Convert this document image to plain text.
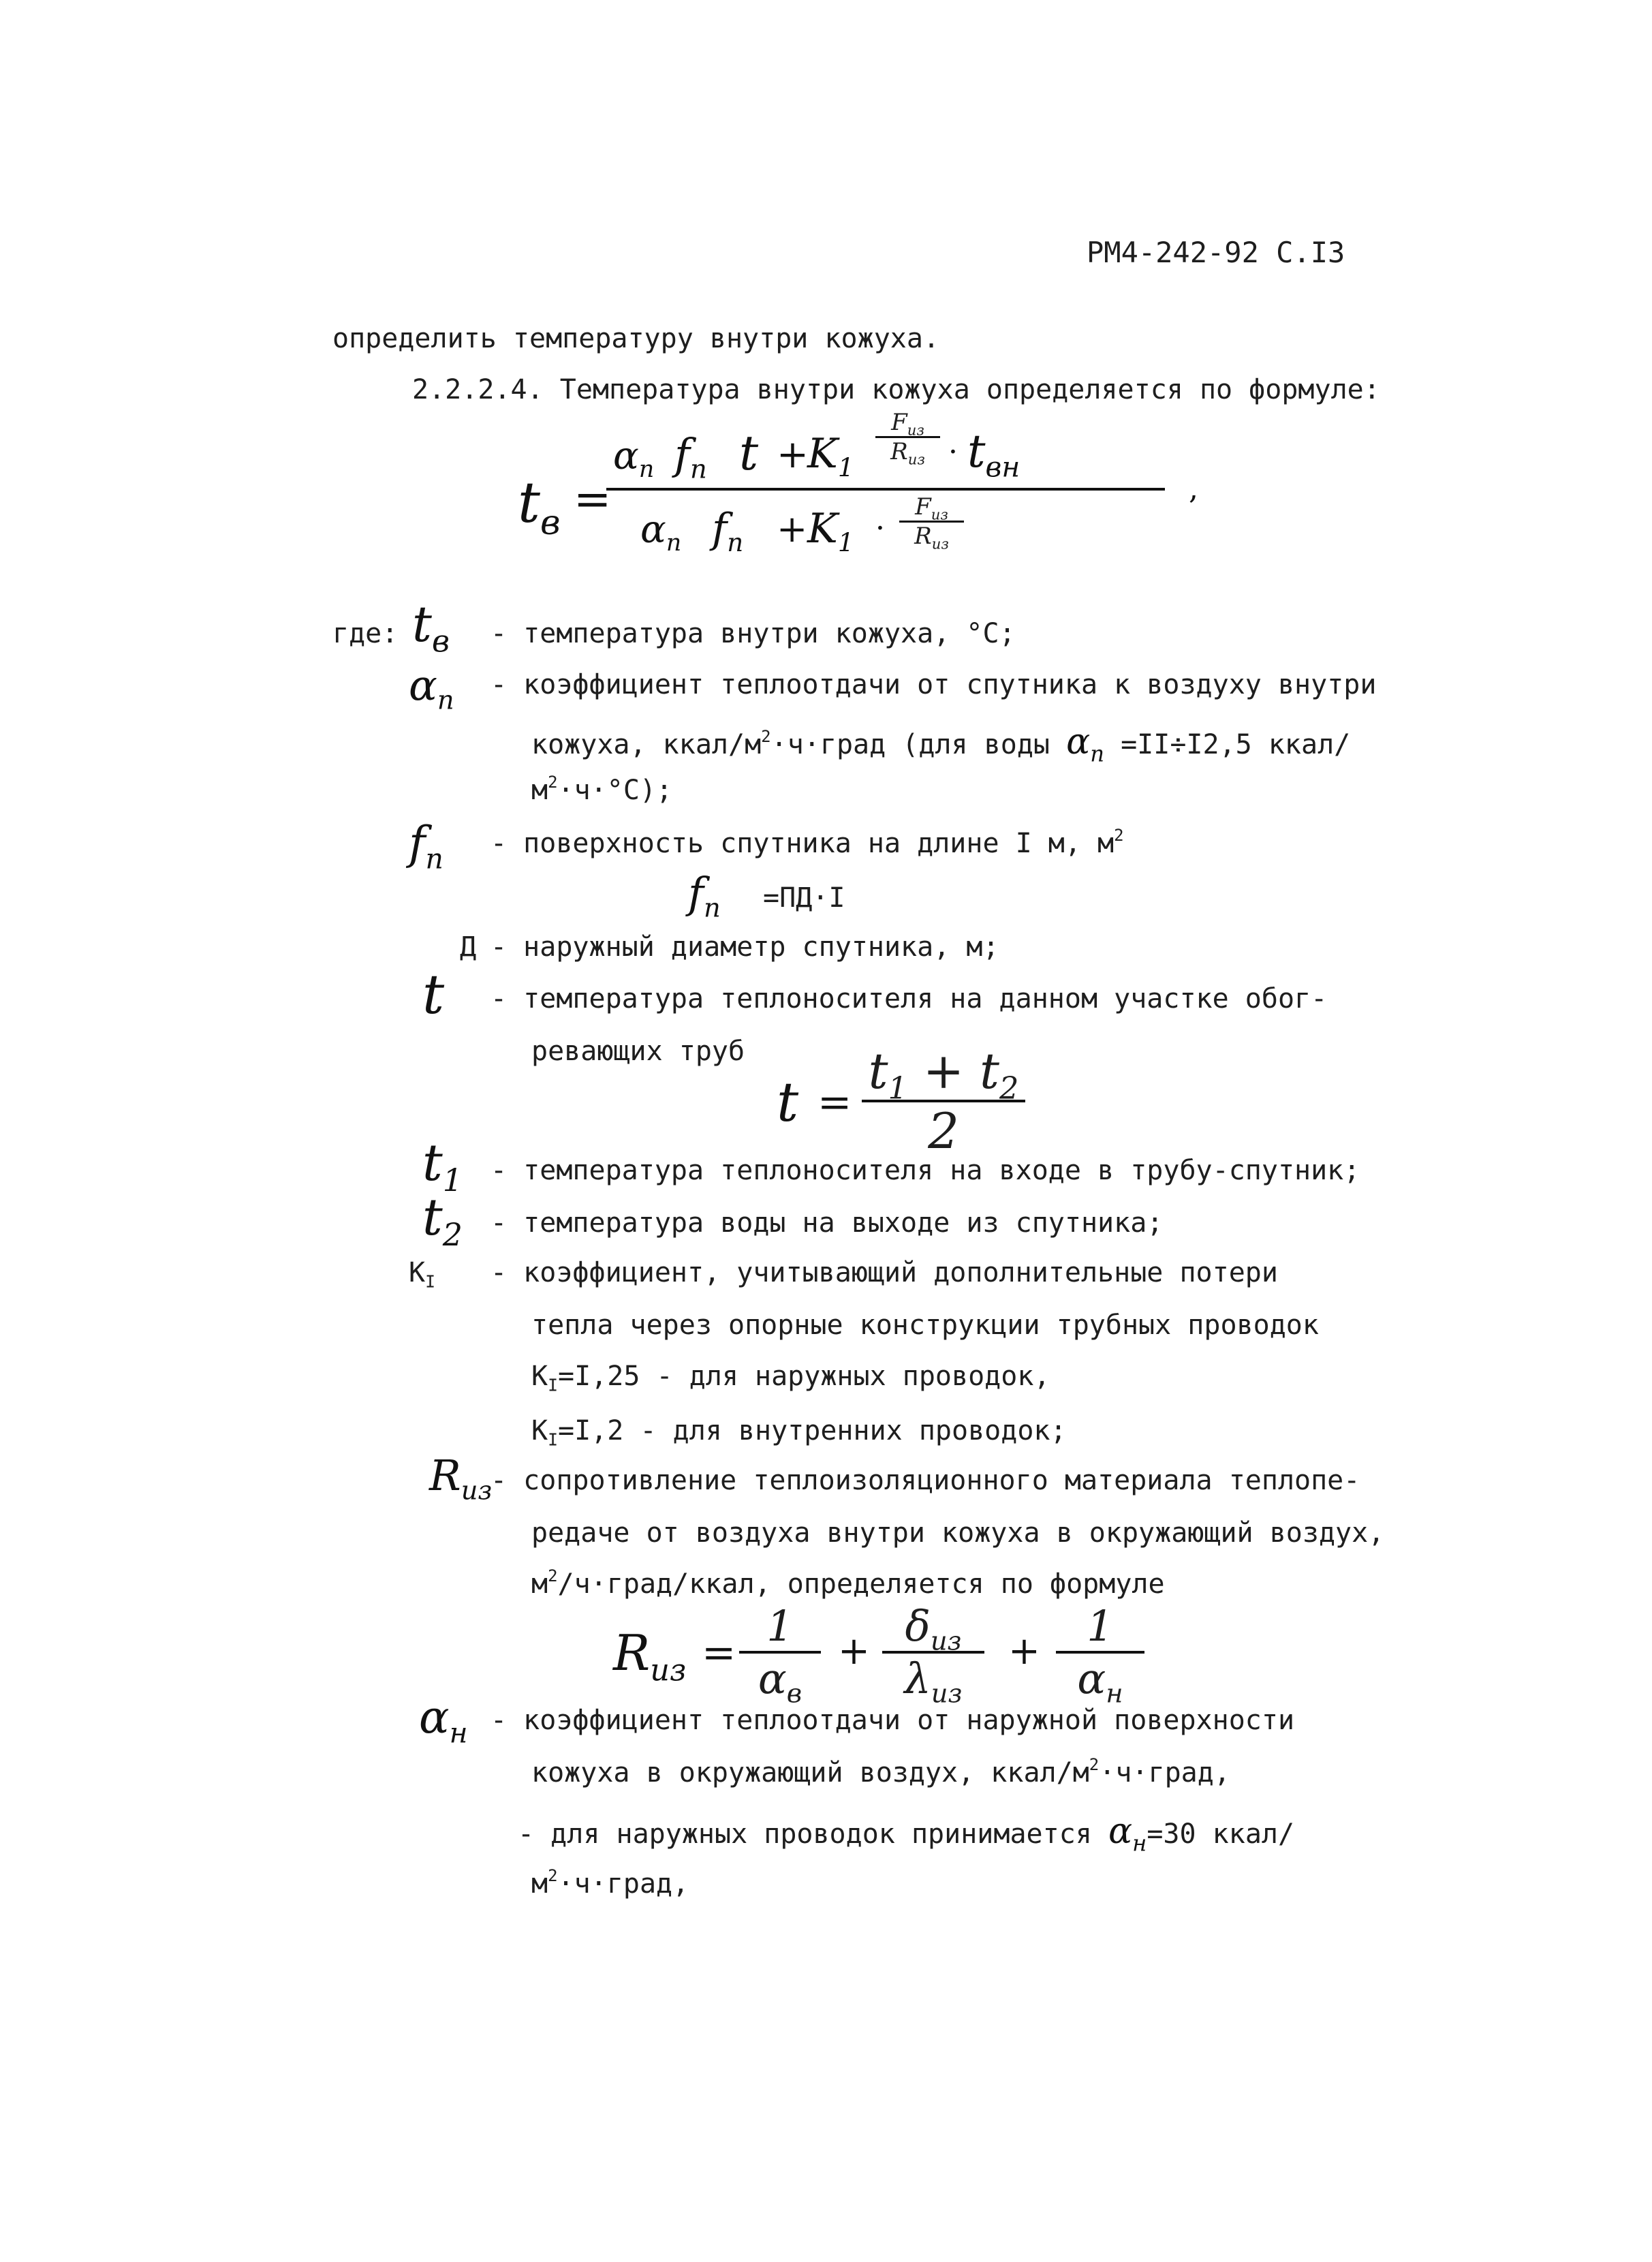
РМ4-242-92 С.I3
определить температуру внутри кожуха.
2.2.2.4. Температура внутри кожуха определяется по формуле:
$t_в$ =
$\alpha_п$ $f_п$ t +
$K_1$
$F_{из}$
$R_{из} \cdot t_{вн}$
,
$\alpha_п$ $f_п + K_1$ ·
$F_{из}$
$R_{из}$
где: $t_в$ - температура внутри кожуха, °С;
$\alpha_п$ - коэффициент теплоотдачи от спутника к воздуху внутри
кожуха, ккал/$м^2\cdot ч\cdot град$ (для воды $\alpha_п =II\div I2,5$ ккал/
$м^2\cdot ч\cdot^\circ С$);
$f_п$ - поверхность спутника на длине I м, $м^2$
$f_п =ПД\cdot I$
Д - наружный диаметр спутника, м;
t - температура теплоносителя на данном участке обог-
ревающих труб
t =
$t_1 + t_2$
2
$t_1$ - температура теплоносителя на входе в трубу-спутник;
$t_2$ - температура воды на выходе из спутника;
$K_I$ - коэффициент, учитывающий дополнительные потери
тепла через опорные конструкции трубных проводок
$K_I=I,25$ - для наружных проводок,
$K_I=I,2$ - для внутренних проводок;
$R_{из}$
- сопротивление теплоизоляционного материала теплопе-
редаче от воздуха внутри кожуха в окружающий воздух,
$м^2/ч\cdot град$/ккал, определяется по формуле
$R_{из}$ =
1
$\alpha_в$
+
$\delta_{из}$
$\lambda_{из}$
+
1
$\alpha_н$
$\alpha_н$ - коэффициент теплоотдачи от наружной поверхности
кожуха в окружающий воздух, ккал/$м^2\cdot ч\cdot град$,
- для наружных проводок принимается $\alpha_н=30$ ккал/
$м^2\cdot ч\cdot град$,
